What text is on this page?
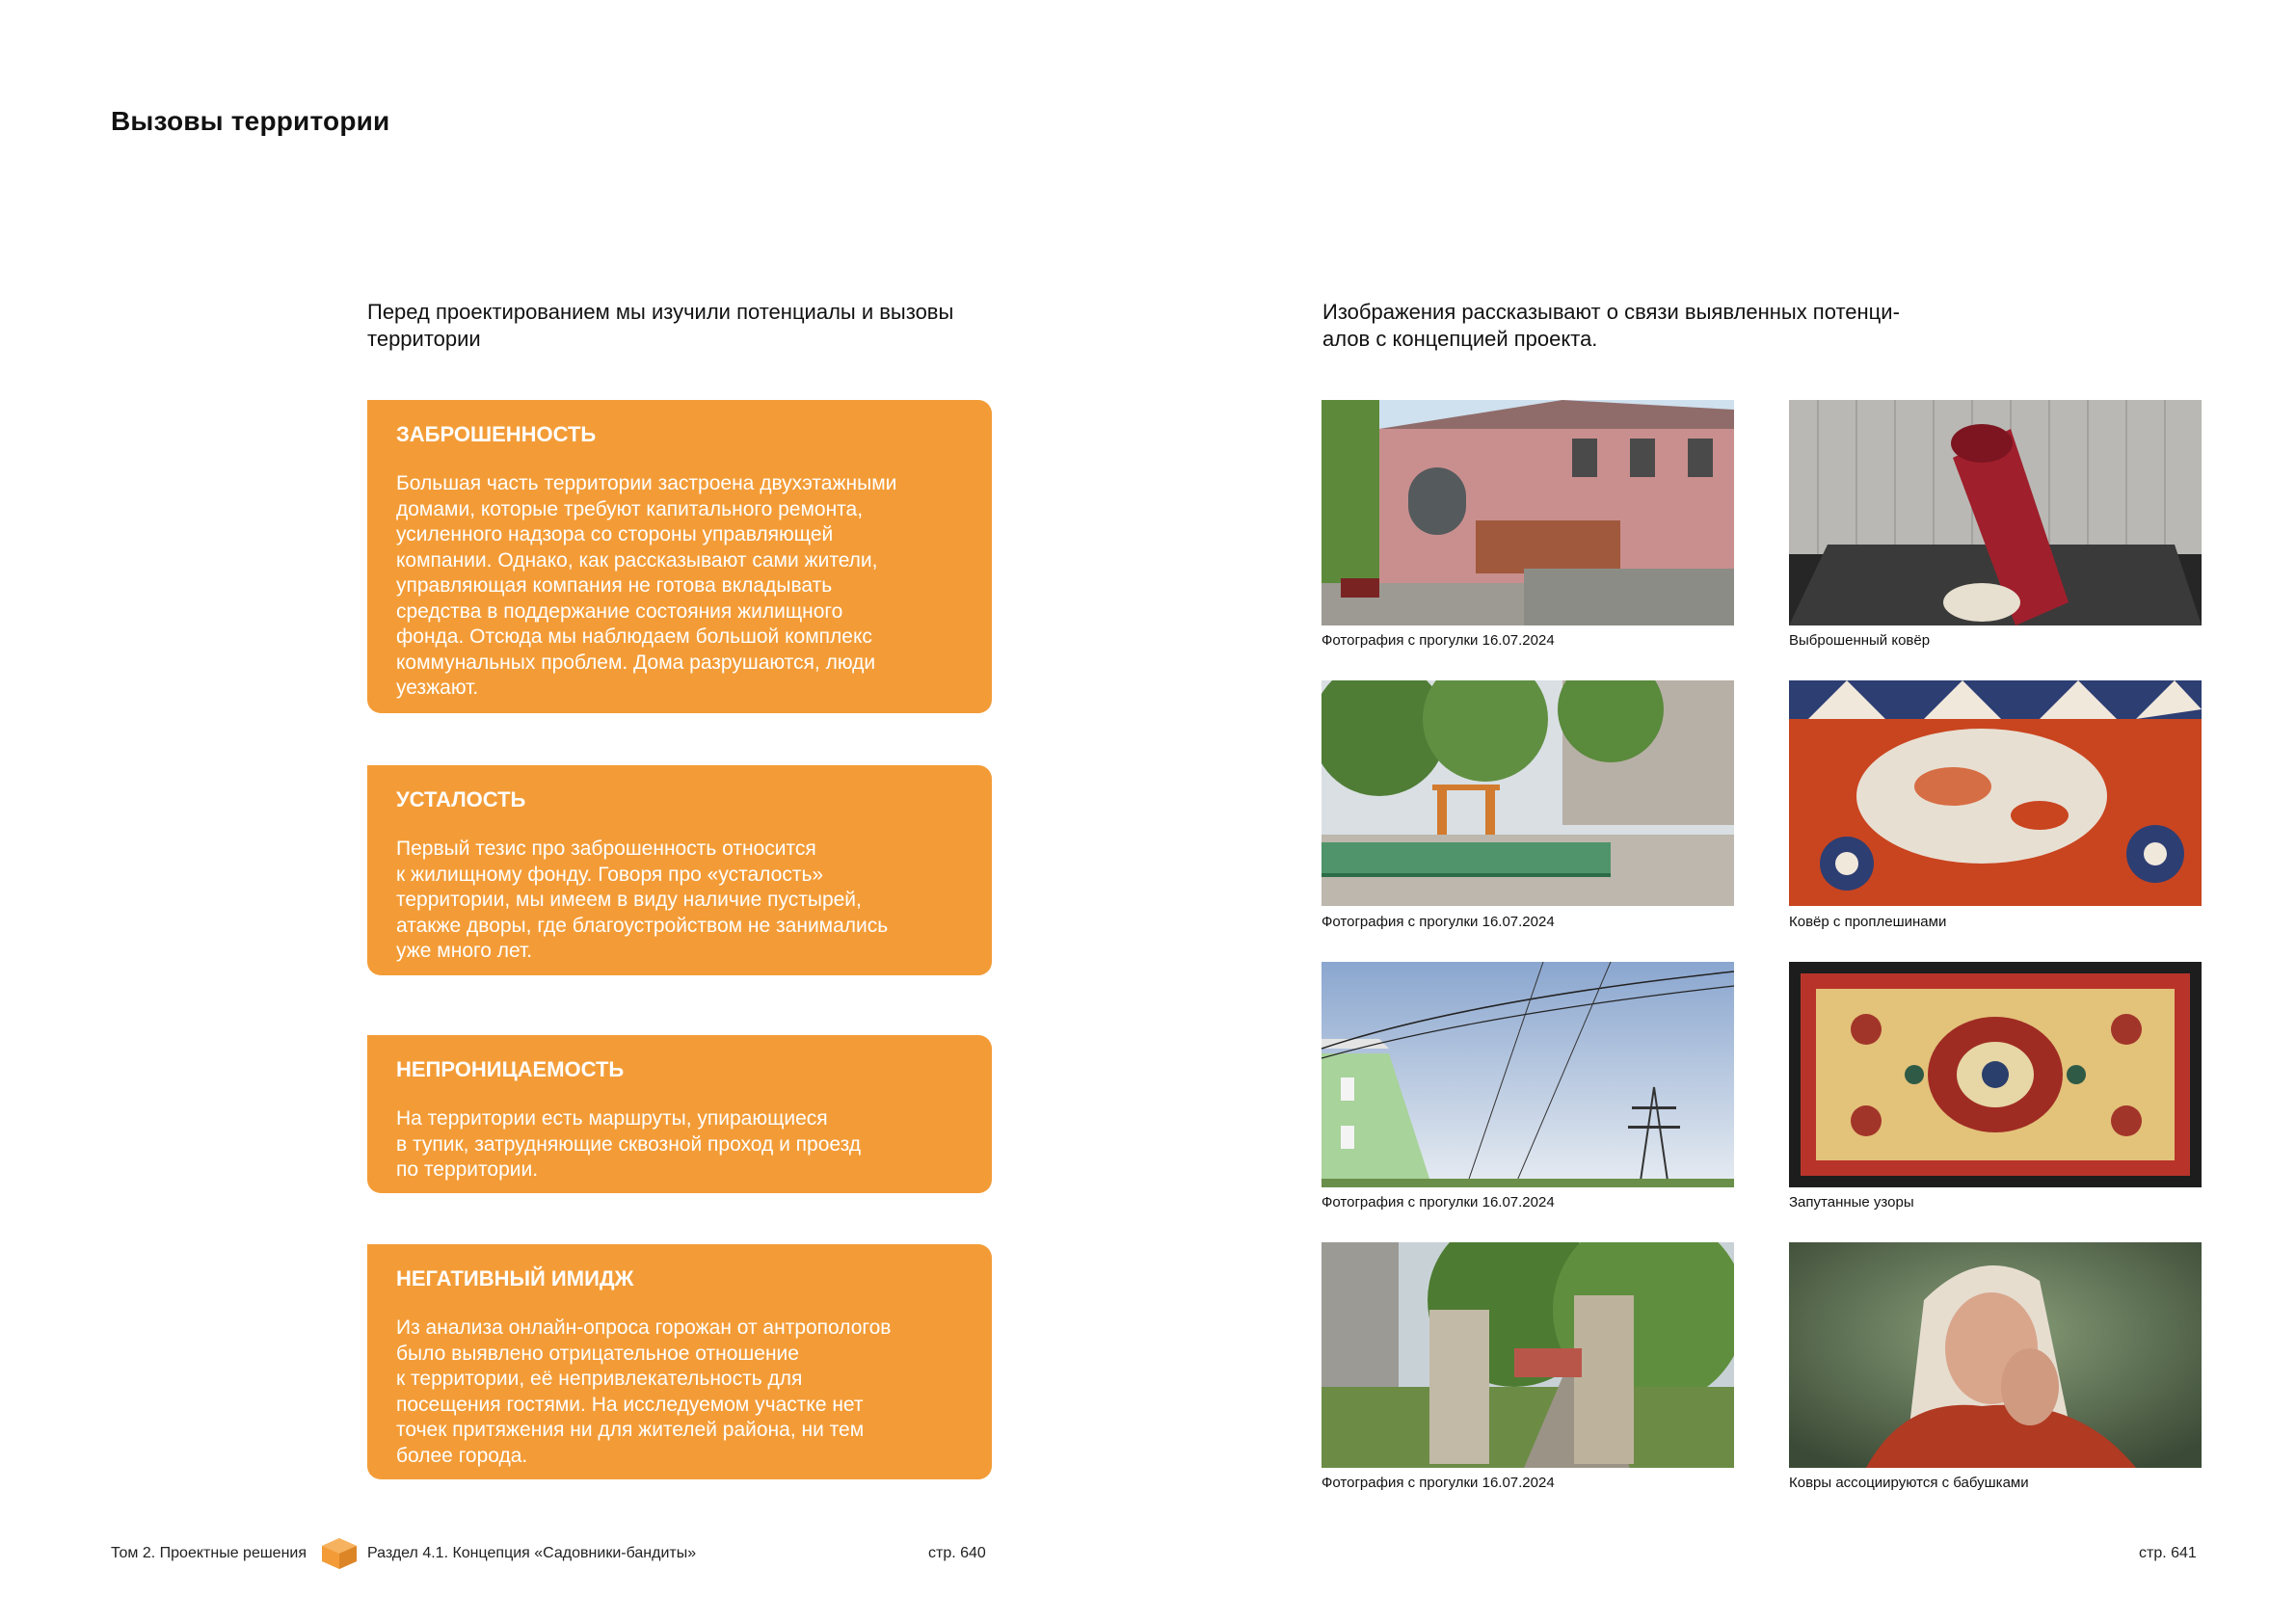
Вызовы территории
Перед проектированием мы изучили потенциалы и вызовы территории
Изображения рассказывают о связи выявленных потенци-
алов с концепцией проекта.
ЗАБРОШЕННОСТЬ
Большая часть территории застроена двухэтажными
домами, которые требуют капитального ремонта,
усиленного надзора со стороны управляющей
компании. Однако, как рассказывают сами жители,
управляющая компания не готова вкладывать
средства в поддержание состояния жилищного
фонда. Отсюда мы наблюдаем большой комплекс
коммунальных проблем. Дома разрушаются, люди
уезжают.
УСТАЛОСТЬ
Первый тезис про заброшенность относится
к жилищному фонду. Говоря про «усталость»
территории, мы имеем в виду наличие пустырей,
атакже дворы, где благоустройством не занимались
уже много лет.
НЕПРОНИЦАЕМОСТЬ
На территории есть маршруты, упирающиеся
в тупик, затрудняющие сквозной проход и проезд
по территории.
НЕГАТИВНЫЙ ИМИДЖ
Из анализа онлайн-опроса горожан от антропологов
было выявлено отрицательное отношение
к территории, её непривлекательность для
посещения гостями. На исследуемом участке нет
точек притяжения ни для жителей района, ни тем
более города.
Фотография с прогулки 16.07.2024
Фотография с прогулки 16.07.2024
Фотография с прогулки 16.07.2024
Фотография с прогулки 16.07.2024
Выброшенный ковёр
Ковёр с проплешинами
Запутанные узоры
Ковры ассоциируются с бабушками
Том 2. Проектные решения	Раздел 4.1. Концепция «Садовники-бандиты»	стр. 640	стр. 641
